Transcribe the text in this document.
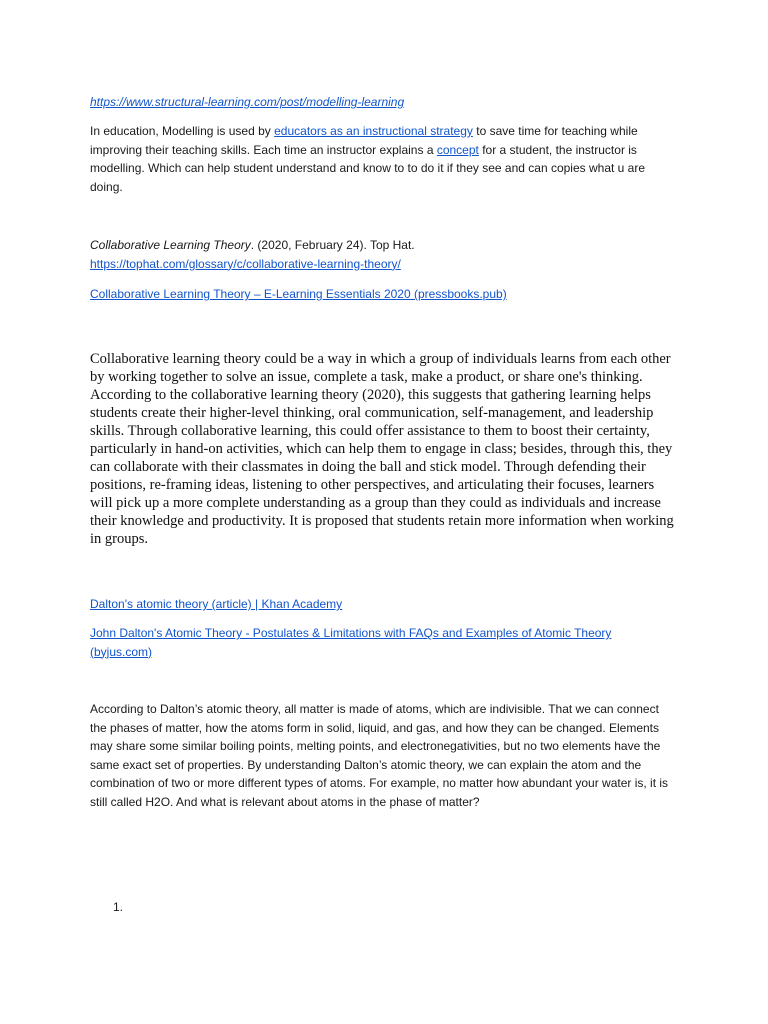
https://www.structural-learning.com/post/modelling-learning
In education, Modelling is used by educators as an instructional strategy to save time for teaching while improving their teaching skills. Each time an instructor explains a concept for a student, the instructor is modelling. Which can help student understand and know to to do it if they see and can copies what u are doing.
Collaborative Learning Theory. (2020, February 24). Top Hat.
https://tophat.com/glossary/c/collaborative-learning-theory/
Collaborative Learning Theory – E-Learning Essentials 2020 (pressbooks.pub)
Collaborative learning theory could be a way in which a group of individuals learns from each other by working together to solve an issue, complete a task, make a product, or share one's thinking. According to the collaborative learning theory (2020), this suggests that gathering learning helps students create their higher-level thinking, oral communication, self-management, and leadership skills. Through collaborative learning, this could offer assistance to them to boost their certainty, particularly in hand-on activities, which can help them to engage in class; besides, through this, they can collaborate with their classmates in doing the ball and stick model. Through defending their positions, re-framing ideas, listening to other perspectives, and articulating their focuses, learners will pick up a more complete understanding as a group than they could as individuals and increase their knowledge and productivity. It is proposed that students retain more information when working in groups.
Dalton's atomic theory (article) | Khan Academy
John Dalton's Atomic Theory - Postulates & Limitations with FAQs and Examples of Atomic Theory
(byjus.com)
According to Dalton’s atomic theory, all matter is made of atoms, which are indivisible. That we can connect the phases of matter, how the atoms form in solid, liquid, and gas, and how they can be changed. Elements may share some similar boiling points, melting points, and electronegativities, but no two elements have the same exact set of properties. By understanding Dalton’s atomic theory, we can explain the atom and the combination of two or more different types of atoms. For example, no matter how abundant your water is, it is still called H2O. And what is relevant about atoms in the phase of matter?
1.
